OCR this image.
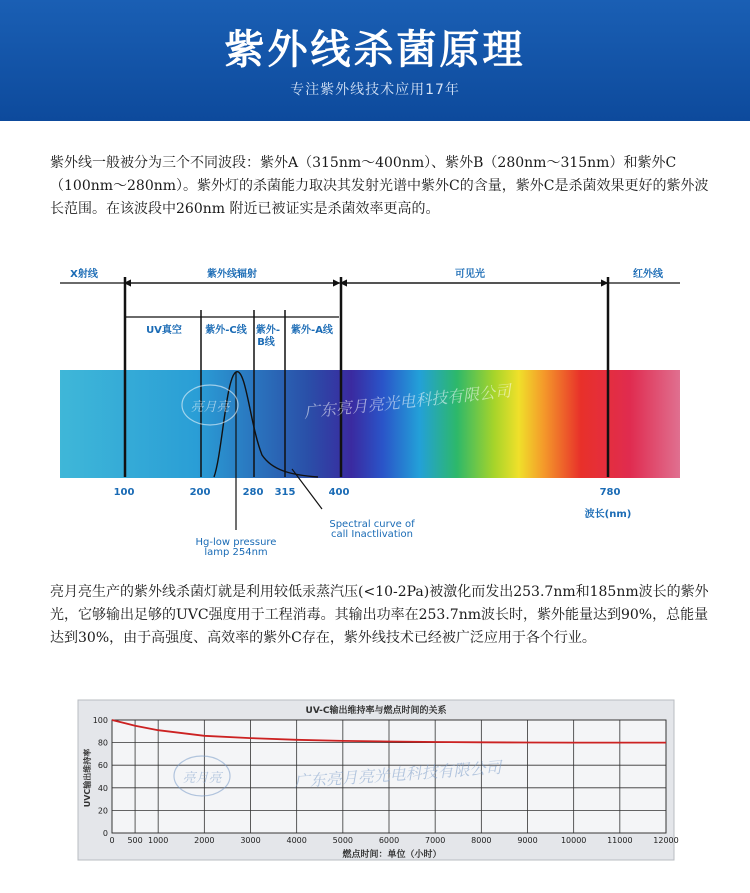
紫外线杀菌原理
专注紫外线技术应用17年

紫外线一般被分为三个不同波段：紫外A（315nm～400nm）、紫外B（280nm～315nm）和紫外C（100nm～280nm）。紫外灯的杀菌能力取决其发射光谱中紫外C的含量，紫外C是杀菌效果更好的紫外波长范围。在该波段中260nm 附近已被证实是杀菌效率更高的。

X射线	紫外线辐射	可见光	红外线
UV真空 紫外-C线 紫外-
B线
紫外-A线
100	200	280 315	400	780
波长(nm)
Hg-low pressure
lamp 254nm
Spectral curve of
call Inactlivation
亮月亮	广东亮月亮光电科技有限公司

亮月亮生产的紫外线杀菌灯就是利用较低汞蒸汽压(<10-2Pa)被激化而发出253.7nm和185nm波长的紫外光，它够输出足够的UVC强度用于工程消毒。其输出功率在253.7nm波长时，紫外能量达到90%，总能量达到30%，由于高强度、高效率的紫外C存在，紫外线技术已经被广泛应用于各个行业。

UV-C输出维持率与燃点时间的关系
UVC输出维持率
燃点时间：单位（小时）
0 500 1000	2000	3000	4000	5000	6000	7000	8000	9000	10000	11000	12000
0
20
40
60
80
100
亮月亮	广东亮月亮光电科技有限公司
